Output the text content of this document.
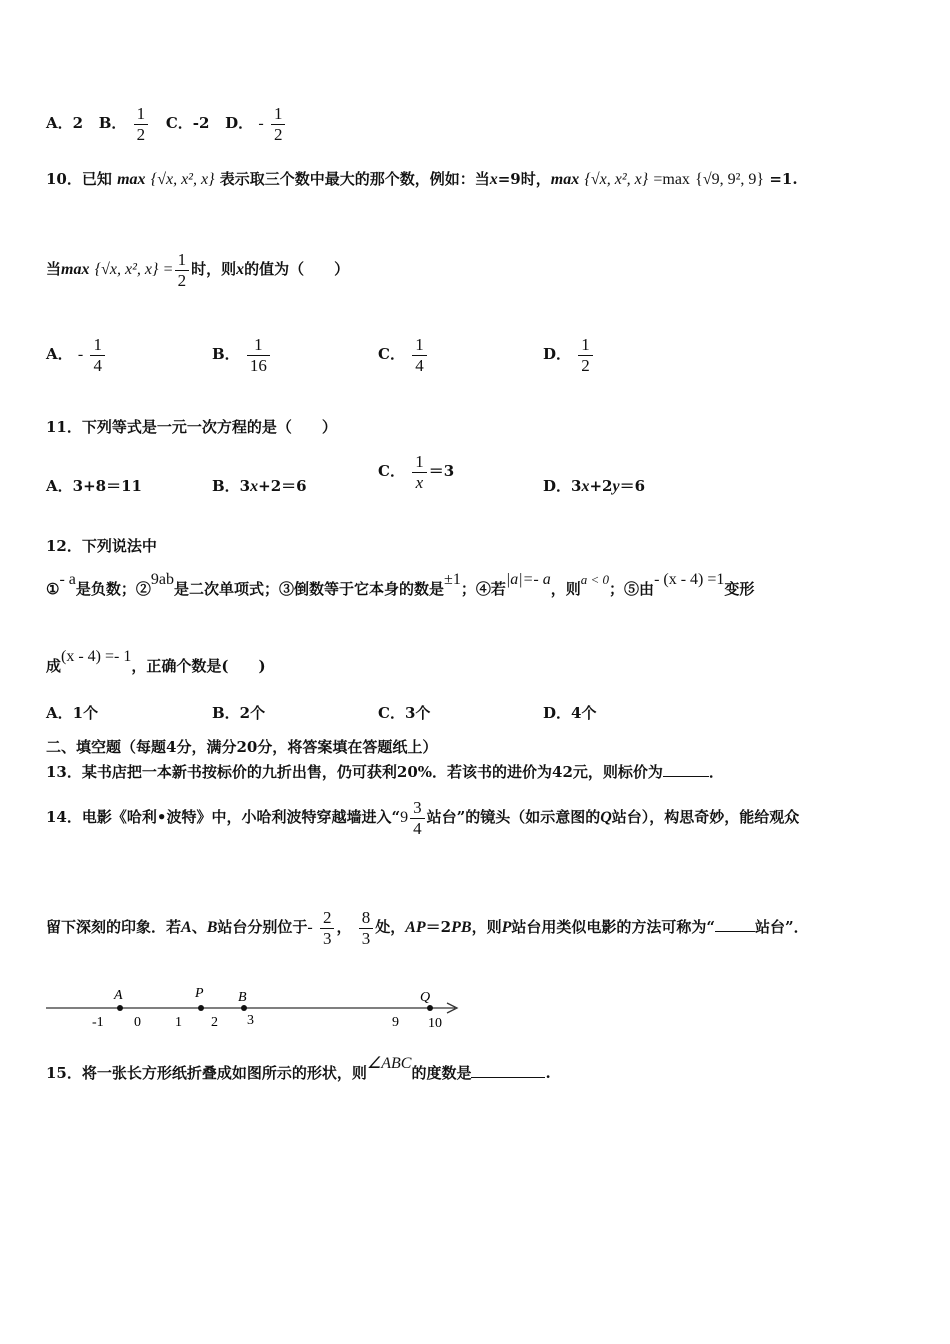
A．2 B． $\frac{1}{2}$ C．-2 D． - $\frac{1}{2}$
10．已知 max {√x, x², x} 表示取三个数中最大的那个数，例如：当x=9时，max {√x, x², x} =max {√9, 9², 9} =1.
当max {√x, x², $x\} = \frac{1}{2}$ 时，则x的值为（　　）
A． - $\frac{1}{4}$	B． $\frac{1}{16}$	C． $\frac{1}{4}$	D． $\frac{1}{2}$
11．下列等式是一元一次方程的是（　　）
A．3+8＝11	B．3x+2＝6
C． $\frac{1}{x} =3$
D．3x+2y＝6
12．下列说法中
①- a是负数；②9ab是二次单项式；③倒数等于它本身的数是±1；④若|a|=- a，则a < 0；⑤由- (x - 4) =1变形
成(x - 4) =- 1，正确个数是(　　)
A．1个	B．2个	C．3个	D．4个
二、填空题（每题4分，满分20分，将答案填在答题纸上）
13．某书店把一本新书按标价的九折出售，仍可获利20%．若该书的进价为42元，则标价为	．
14．电影《哈利•波特》中，小哈利波特穿越墙进入“$9 \frac{3}{4}$ 站台”的镜头（如示意图的Q站台），构思奇妙，能给观众
留下深刻的印象．若A、B站台分别位于- $\frac{2}{3}$ ， $\frac{8}{3}$ 处，AP＝2PB，则P站台用类似电影的方法可称为“	站台”．
A	P B	Q
-1 0 1 2 3	9 10
15．将一张长方形纸折叠成如图所示的形状，则∠ABC的度数是	.
